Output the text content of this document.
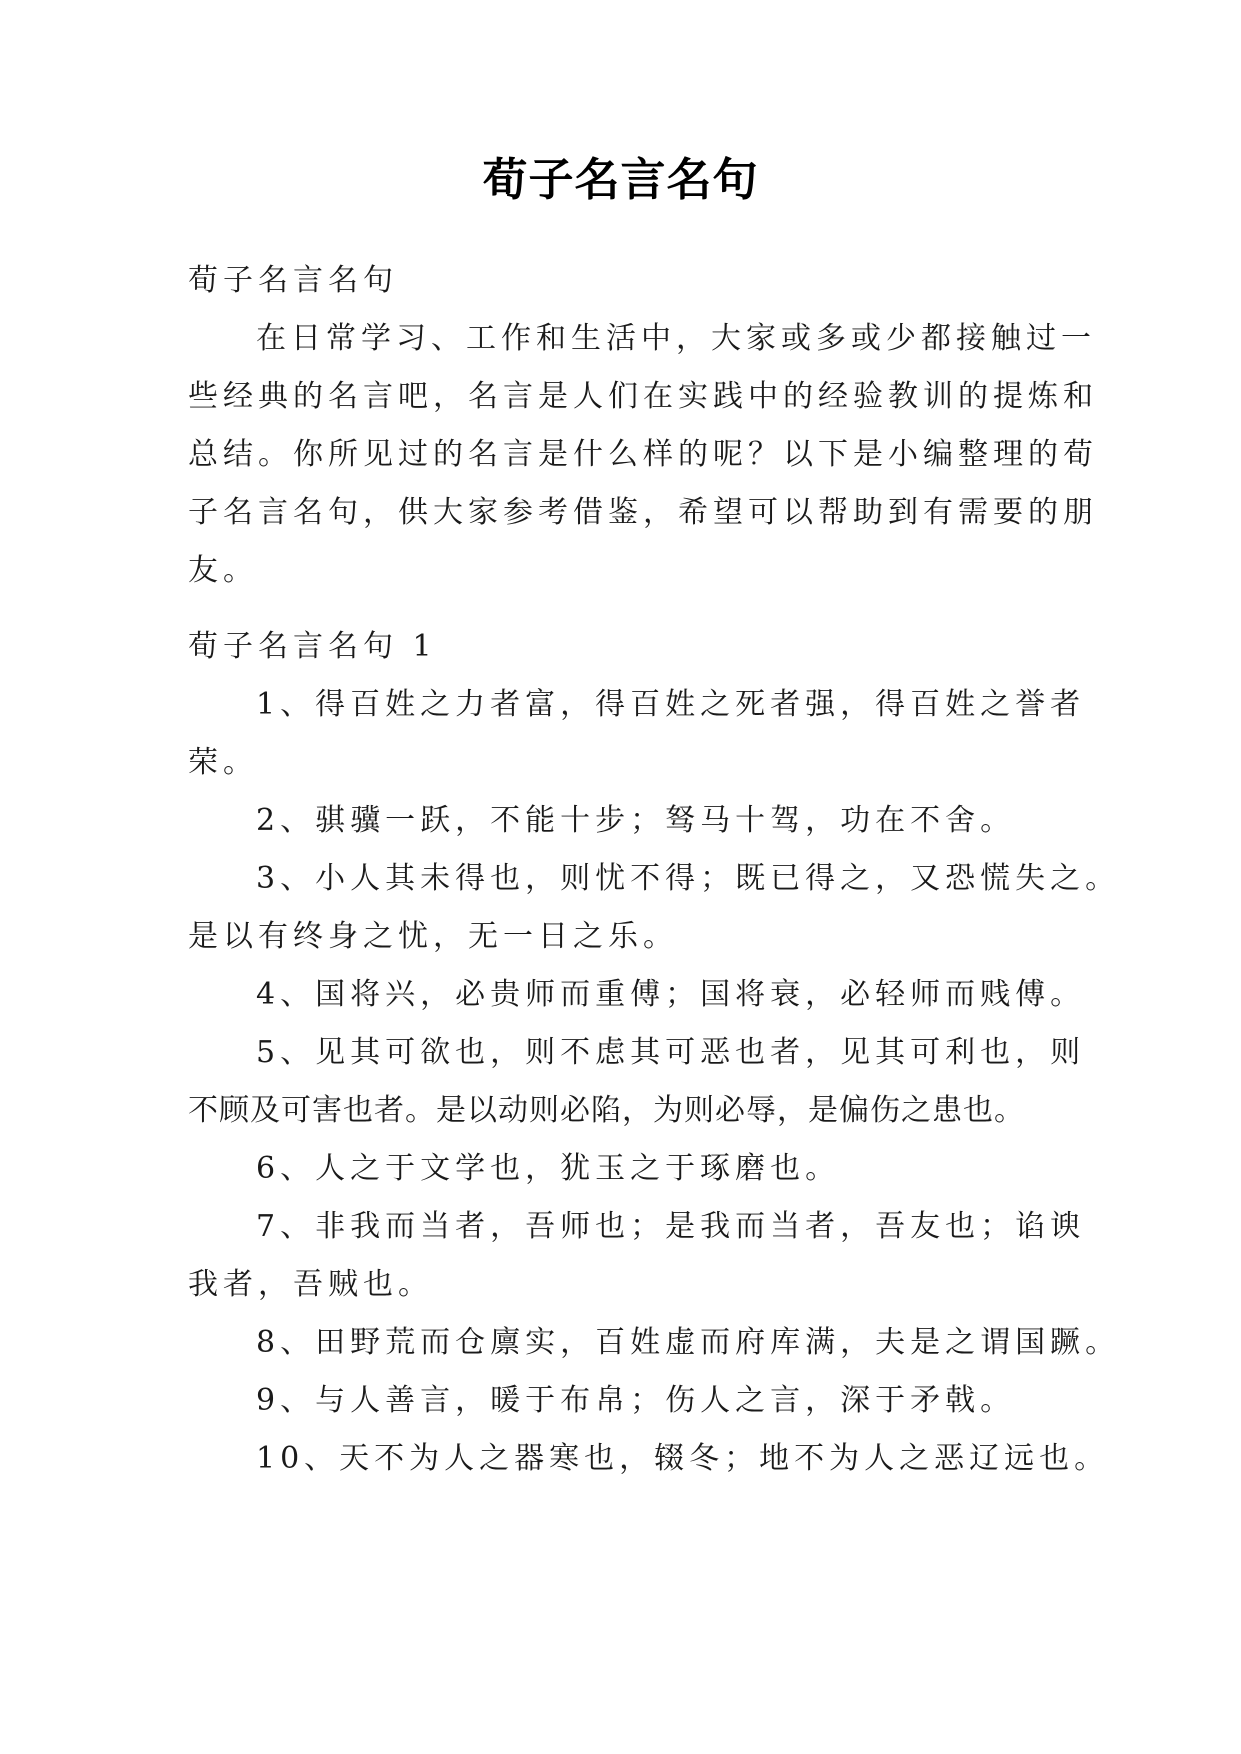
荀子名言名句
荀子名言名句
在日常学习、工作和生活中，大家或多或少都接触过一
些经典的名言吧，名言是人们在实践中的经验教训的提炼和
总结。你所见过的名言是什么样的呢？以下是小编整理的荀
子名言名句，供大家参考借鉴，希望可以帮助到有需要的朋
友。
荀子名言名句 1
1、得百姓之力者富，得百姓之死者强，得百姓之誉者
荣。
2、骐骥一跃，不能十步；驽马十驾，功在不舍。
3、小人其未得也，则忧不得；既已得之，又恐慌失之。
是以有终身之忧，无一日之乐。
4、国将兴，必贵师而重傅；国将衰，必轻师而贱傅。
5、见其可欲也，则不虑其可恶也者，见其可利也，则
不顾及可害也者。是以动则必陷，为则必辱，是偏伤之患也。
6、人之于文学也，犹玉之于琢磨也。
7、非我而当者，吾师也；是我而当者，吾友也；谄谀
我者，吾贼也。
8、田野荒而仓廪实，百姓虚而府库满，夫是之谓国蹶。
9、与人善言，暖于布帛；伤人之言，深于矛戟。
10、天不为人之器寒也，辍冬；地不为人之恶辽远也。
